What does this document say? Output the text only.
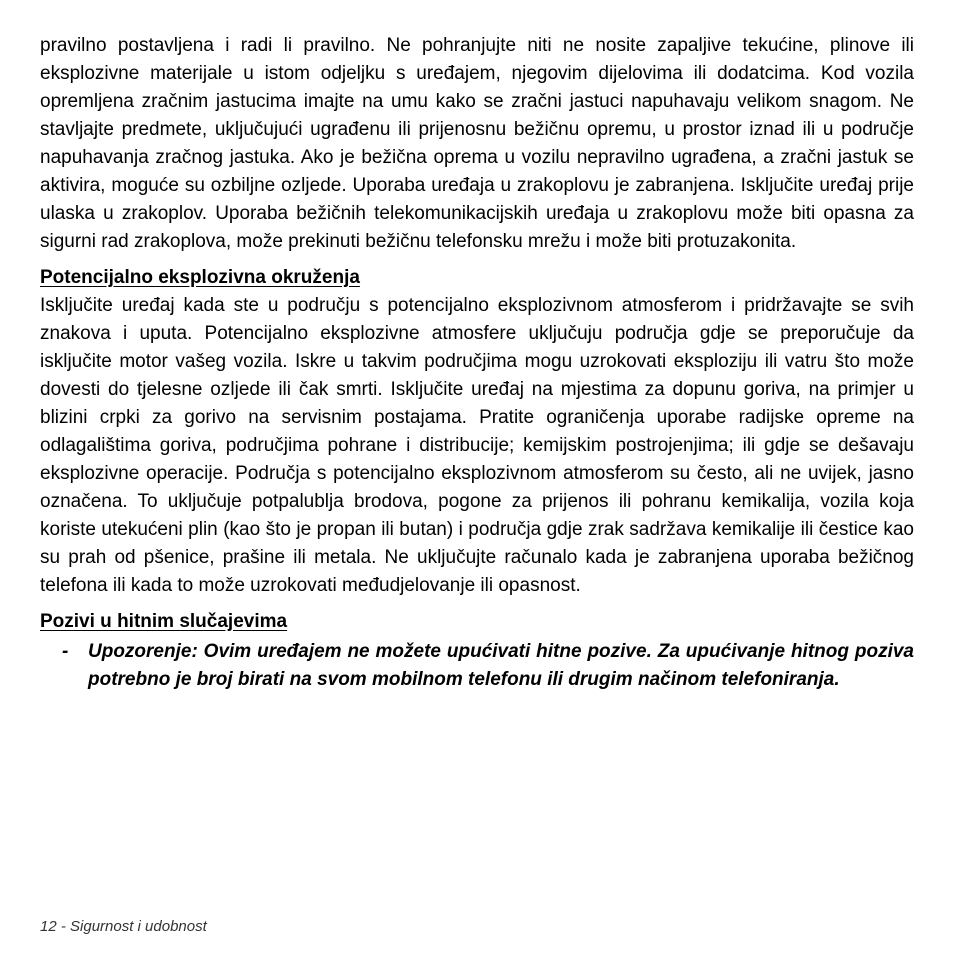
pravilno postavljena i radi li pravilno. Ne pohranjujte niti ne nosite zapaljive tekućine, plinove ili eksplozivne materijale u istom odjeljku s uređajem, njegovim dijelovima ili dodatcima. Kod vozila opremljena zračnim jastucima imajte na umu kako se zračni jastuci napuhavaju velikom snagom. Ne stavljajte predmete, uključujući ugrađenu ili prijenosnu bežičnu opremu, u prostor iznad ili u područje napuhavanja zračnog jastuka. Ako je bežična oprema u vozilu nepravilno ugrađena, a zračni jastuk se aktivira, moguće su ozbiljne ozljede. Uporaba uređaja u zrakoplovu je zabranjena. Isključite uređaj prije ulaska u zrakoplov. Uporaba bežičnih telekomunikacijskih uređaja u zrakoplovu može biti opasna za sigurni rad zrakoplova, može prekinuti bežičnu telefonsku mrežu i može biti protuzakonita.

Potencijalno eksplozivna okruženja

Isključite uređaj kada ste u području s potencijalno eksplozivnom atmosferom i pridržavajte se svih znakova i uputa. Potencijalno eksplozivne atmosfere uključuju područja gdje se preporučuje da isključite motor vašeg vozila. Iskre u takvim područjima mogu uzrokovati eksploziju ili vatru što može dovesti do tjelesne ozljede ili čak smrti. Isključite uređaj na mjestima za dopunu goriva, na primjer u blizini crpki za gorivo na servisnim postajama. Pratite ograničenja uporabe radijske opreme na odlagalištima goriva, područjima pohrane i distribucije; kemijskim postrojenjima; ili gdje se dešavaju eksplozivne operacije. Područja s potencijalno eksplozivnom atmosferom su često, ali ne uvijek, jasno označena. To uključuje potpalublja brodova, pogone za prijenos ili pohranu kemikalija, vozila koja koriste utekućeni plin (kao što je propan ili butan) i područja gdje zrak sadržava kemikalije ili čestice kao su prah od pšenice, prašine ili metala. Ne uključujte računalo kada je zabranjena uporaba bežičnog telefona ili kada to može uzrokovati međudjelovanje ili opasnost.

Pozivi u hitnim slučajevima
-	Upozorenje: Ovim uređajem ne možete upućivati hitne pozive. Za upućivanje hitnog poziva potrebno je broj birati na svom mobilnom telefonu ili drugim načinom telefoniranja.

12 - Sigurnost i udobnost
